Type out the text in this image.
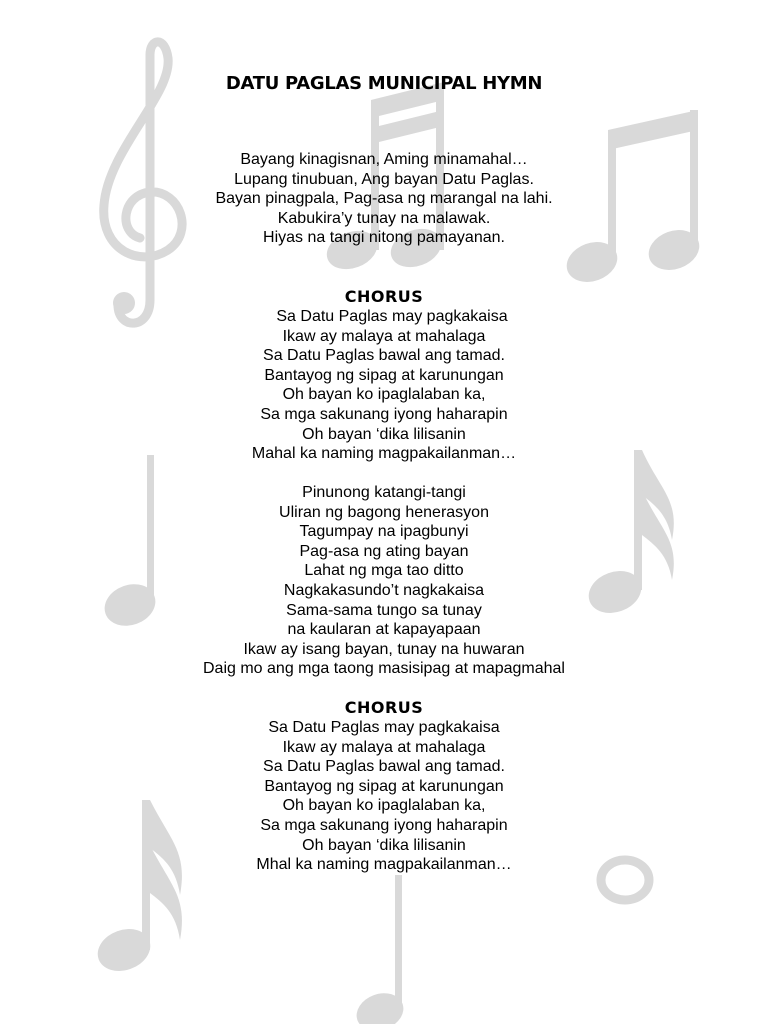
DATU PAGLAS MUNICIPAL HYMN
Bayang kinagisnan, Aming minamahal…
Lupang tinubuan, Ang bayan Datu Paglas.
Bayan pinagpala, Pag-asa ng marangal na lahi.
Kabukira’y tunay na malawak.
Hiyas na tangi nitong pamayanan.
CHORUS
Sa Datu Paglas may pagkakaisa
Ikaw ay malaya at mahalaga
Sa Datu Paglas bawal ang tamad.
Bantayog ng sipag at karunungan
Oh bayan ko ipaglalaban ka,
Sa mga sakunang iyong haharapin
Oh bayan ‘dika lilisanin
Mahal ka naming magpakailanman…
Pinunong katangi-tangi
Uliran ng bagong henerasyon
Tagumpay na ipagbunyi
Pag-asa ng ating bayan
Lahat ng mga tao ditto
Nagkakasundo’t nagkakaisa
Sama-sama tungo sa tunay
na kaularan at kapayapaan
Ikaw ay isang bayan, tunay na huwaran
Daig mo ang mga taong masisipag at mapagmahal
CHORUS
Sa Datu Paglas may pagkakaisa
Ikaw ay malaya at mahalaga
Sa Datu Paglas bawal ang tamad.
Bantayog ng sipag at karunungan
Oh bayan ko ipaglalaban ka,
Sa mga sakunang iyong haharapin
Oh bayan ‘dika lilisanin
Mhal ka naming magpakailanman…
